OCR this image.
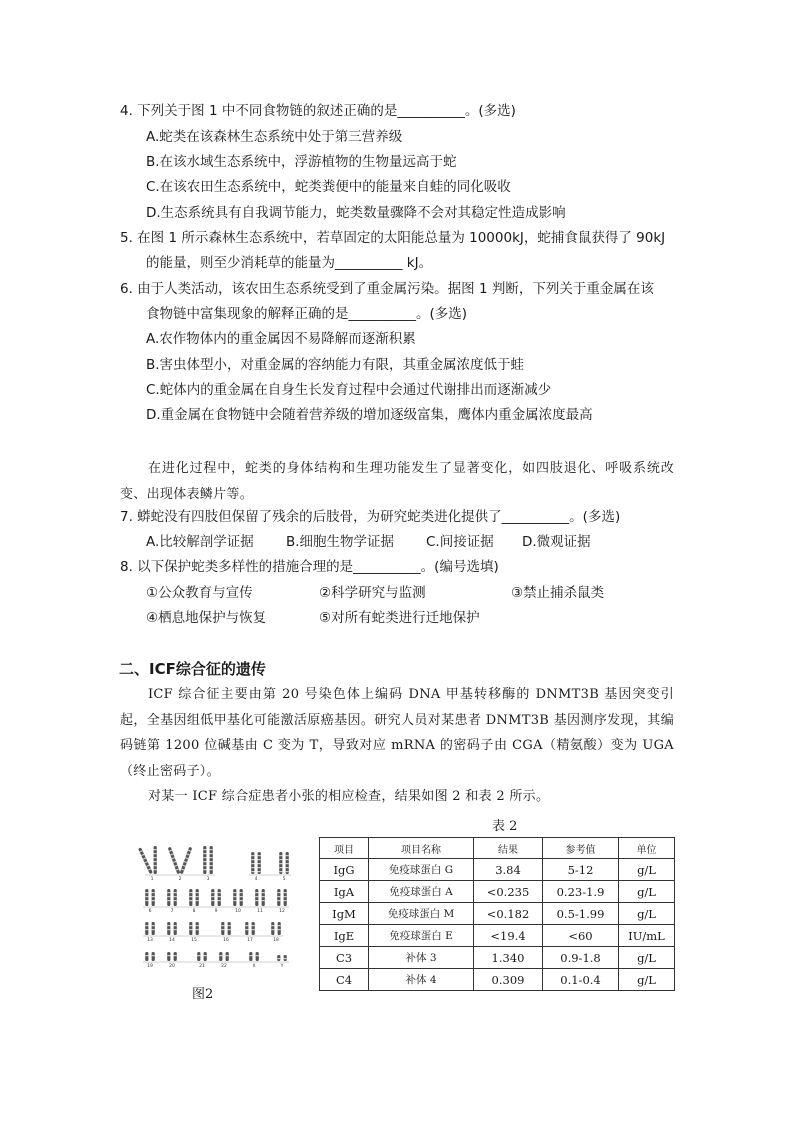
4. 下列关于图 1 中不同食物链的叙述正确的是__________。(多选)
A.蛇类在该森林生态系统中处于第三营养级
B.在该水域生态系统中，浮游植物的生物量远高于蛇
C.在该农田生态系统中，蛇类粪便中的能量来自蛙的同化吸收
D.生态系统具有自我调节能力，蛇类数量骤降不会对其稳定性造成影响
5. 在图 1 所示森林生态系统中，若草固定的太阳能总量为 10000kJ，蛇捕食鼠获得了 90kJ
的能量，则至少消耗草的能量为__________ kJ。
6. 由于人类活动，该农田生态系统受到了重金属污染。据图 1 判断，下列关于重金属在该
食物链中富集现象的解释正确的是__________。(多选)
A.农作物体内的重金属因不易降解而逐渐积累
B.害虫体型小，对重金属的容纳能力有限，其重金属浓度低于蛙
C.蛇体内的重金属在自身生长发育过程中会通过代谢排出而逐渐减少
D.重金属在食物链中会随着营养级的增加逐级富集，鹰体内重金属浓度最高
在进化过程中，蛇类的身体结构和生理功能发生了显著变化，如四肢退化、呼吸系统改变、出现体表鳞片等。
7. 蟒蛇没有四肢但保留了残余的后肢骨，为研究蛇类进化提供了__________。(多选)
A.比较解剖学证据 B.细胞生物学证据 C.间接证据 D.微观证据
8. 以下保护蛇类多样性的措施合理的是__________。(编号选填)
①公众教育与宣传	②科学研究与监测	③禁止捕杀鼠类
④栖息地保护与恢复	⑤对所有蛇类进行迁地保护
二、ICF综合征的遗传
ICF 综合征主要由第 20 号染色体上编码 DNA 甲基转移酶的 DNMT3B 基因突变引起，全基因组低甲基化可能激活原癌基因。研究人员对某患者 DNMT3B 基因测序发现，其编码链第 1200 位碱基由 C 变为 T，导致对应 mRNA 的密码子由 CGA（精氨酸）变为 UGA（终止密码子）。
对某一 ICF 综合症患者小张的相应检查，结果如图 2 和表 2 所示。
1	2	3	4	5
6	7	8	9	10	11	12
13	14	15	16	17	18
19	20	21	22	X	Y
图2
表 2
项目	项目名称	结果	参考值	单位
IgG	免疫球蛋白 G	3.84	5-12	g/L
IgA	免疫球蛋白 A	<0.235	0.23-1.9	g/L
IgM	免疫球蛋白 M	<0.182	0.5-1.99	g/L
IgE	免疫球蛋白 E	<19.4	<60	IU/mL
C3	补体 3	1.340	0.9-1.8	g/L
C4	补体 4	0.309	0.1-0.4	g/L
